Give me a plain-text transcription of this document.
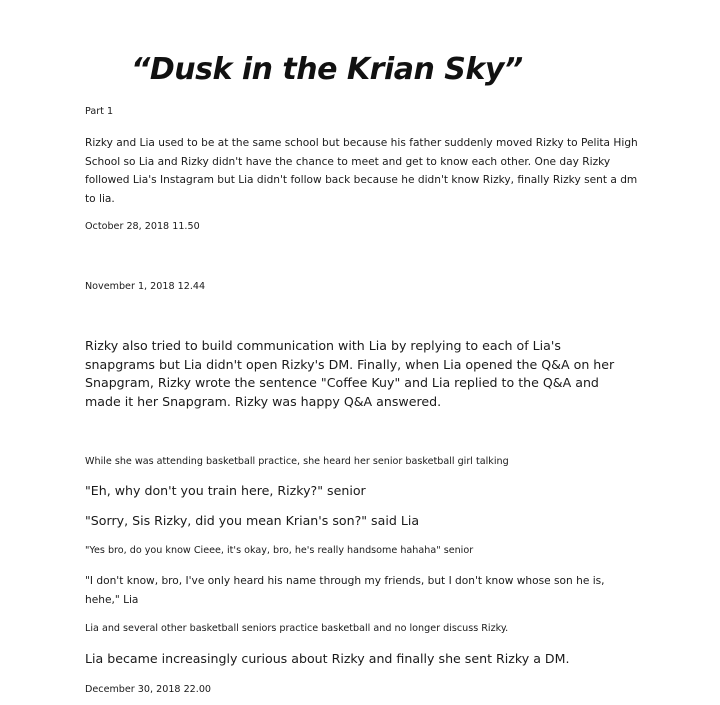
“Dusk in the Krian Sky”

Part 1

Rizky and Lia used to be at the same school but because his father suddenly moved Rizky to Pelita High School so Lia and Rizky didn't have the chance to meet and get to know each other. One day Rizky followed Lia's Instagram but Lia didn't follow back because he didn't know Rizky, finally Rizky sent a dm to lia.

October 28, 2018 11.50

November 1, 2018 12.44

Rizky also tried to build communication with Lia by replying to each of Lia's snapgrams but Lia didn't open Rizky's DM. Finally, when Lia opened the Q&A on her Snapgram, Rizky wrote the sentence "Coffee Kuy" and Lia replied to the Q&A and made it her Snapgram. Rizky was happy Q&A answered.

While she was attending basketball practice, she heard her senior basketball girl talking

"Eh, why don't you train here, Rizky?" senior

"Sorry, Sis Rizky, did you mean Krian's son?" said Lia

"Yes bro, do you know Cieee, it's okay, bro, he's really handsome hahaha" senior

"I don't know, bro, I've only heard his name through my friends, but I don't know whose son he is, hehe," Lia

Lia and several other basketball seniors practice basketball and no longer discuss Rizky.

Lia became increasingly curious about Rizky and finally she sent Rizky a DM.

December 30, 2018 22.00
